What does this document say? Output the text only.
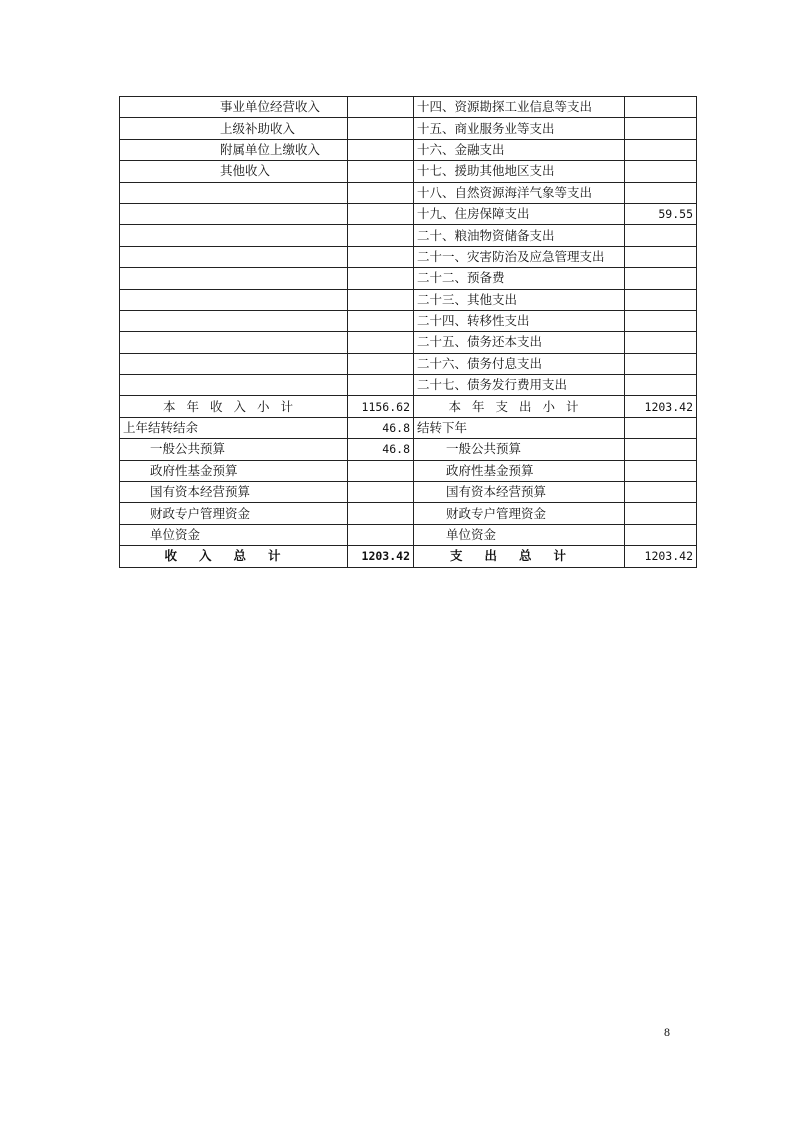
事业单位经营收入		十四、资源勘探工业信息等支出	
上级补助收入		十五、商业服务业等支出	
附属单位上缴收入		十六、金融支出	
其他收入		十七、援助其他地区支出	
		十八、自然资源海洋气象等支出	
		十九、住房保障支出	59.55
		二十、粮油物资储备支出	
		二十一、灾害防治及应急管理支出	
		二十二、预备费	
		二十三、其他支出	
		二十四、转移性支出	
		二十五、债务还本支出	
		二十六、债务付息支出	
		二十七、债务发行费用支出	
本年收入小计	1156.62	本年支出小计	1203.42
上年结转结余	46.8	结转下年	
一般公共预算	46.8	一般公共预算	
政府性基金预算		政府性基金预算	
国有资本经营预算		国有资本经营预算	
财政专户管理资金		财政专户管理资金	
单位资金		单位资金	
收入总计	1203.42	支出总计	1203.42
8
